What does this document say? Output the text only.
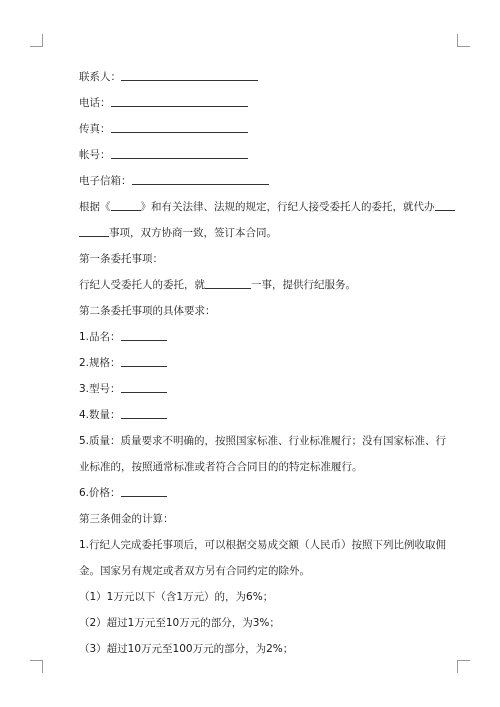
联系人：
电话：
传真：
帐号：
电子信箱：
根据《	》和有关法律、法规的规定，行纪人接受委托人的委托，就代办
事项，双方协商一致，签订本合同。
第一条委托事项：
行纪人受委托人的委托，就	一事，提供行纪服务。
第二条委托事项的具体要求：
1.品名：
2.规格：
3.型号：
4.数量：
5.质量：质量要求不明确的，按照国家标准、行业标准履行；没有国家标准、行
业标准的，按照通常标准或者符合合同目的的特定标准履行。
6.价格：
第三条佣金的计算：
1.行纪人完成委托事项后，可以根据交易成交额（人民币）按照下列比例收取佣
金。国家另有规定或者双方另有合同约定的除外。
（1）1万元以下（含1万元）的，为6%；
（2）超过1万元至10万元的部分，为3%；
（3）超过10万元至100万元的部分，为2%；
